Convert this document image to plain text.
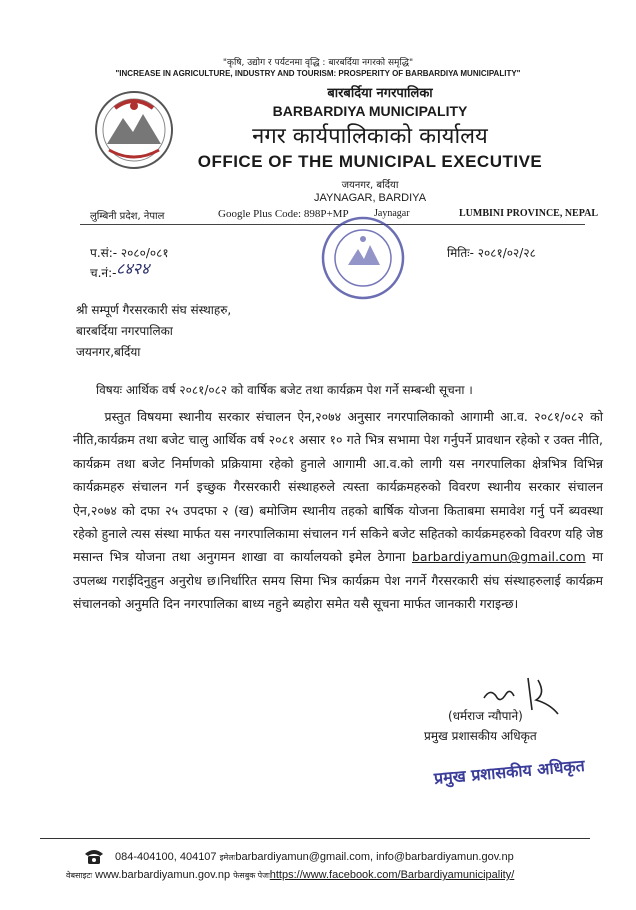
"कृषि, उद्योग र पर्यटनमा वृद्धि : बारबर्दिया नगरको समृद्धि"
"INCREASE IN AGRICULTURE, INDUSTRY AND TOURISM: PROSPERITY OF BARBARDIYA MUNICIPALITY"
बारबर्दिया नगरपालिका
BARBARDIYA MUNICIPALITY
नगर कार्यपालिकाको कार्यालय
OFFICE OF THE MUNICIPAL EXECUTIVE
जयनगर, बर्दिया
JAYNAGAR, BARDIYA
लुम्बिनी प्रदेश, नेपाल	Google Plus Code: 898P+MP	Jaynagar	LUMBINI PROVINCE, NEPAL
प.सं:- २०८०/०८१
च.नं:- ८४२४
मितिः- २०८१/०२/२८
श्री सम्पूर्ण गैरसरकारी संघ संस्थाहरु,
बारबर्दिया नगरपालिका
जयनगर,बर्दिया
विषयः आर्थिक वर्ष २०८१/०८२ को वार्षिक बजेट तथा कार्यक्रम पेश गर्ने सम्बन्धी सूचना ।
प्रस्तुत विषयमा स्थानीय सरकार संचालन ऐन,२०७४ अनुसार नगरपालिकाको आगामी आ.व. २०८१/०८२ को नीति,कार्यक्रम तथा बजेट चालु आर्थिक वर्ष २०८१ असार १० गते भित्र सभामा पेश गर्नुपर्ने प्रावधान रहेको र उक्त नीति, कार्यक्रम तथा बजेट निर्माणको प्रक्रियामा रहेको हुनाले आगामी आ.व.को लागी यस नगरपालिका क्षेत्रभित्र विभिन्न कार्यक्रमहरु संचालन गर्न इच्छुक गैरसरकारी संस्थाहरुले त्यस्ता कार्यक्रमहरुको विवरण स्थानीय सरकार संचालन ऐन,२०७४ को दफा २५ उपदफा २ (ख) बमोजिम स्थानीय तहको बार्षिक योजना किताबमा समावेश गर्नु पर्ने ब्यवस्था रहेको हुनाले त्यस संस्था मार्फत यस नगरपालिकामा संचालन गर्न सकिने बजेट सहितको कार्यक्रमहरुको विवरण यहि जेष्ठ मसान्त भित्र योजना तथा अनुगमन शाखा वा कार्यालयको इमेल ठेगाना barbardiyamun@gmail.com मा उपलब्ध गराईदिनुहुन अनुरोध छ।निर्धारित समय सिमा भित्र कार्यक्रम पेश नगर्ने गैरसरकारी संघ संस्थाहरुलाई कार्यक्रम संचालनको अनुमति दिन नगरपालिका बाध्य नहुने ब्यहोरा समेत यसै सूचना मार्फत जानकारी गराइन्छ।
(धर्मराज न्यौपाने)
प्रमुख प्रशासकीय अधिकृत
प्रमुख प्रशासकीय अधिकृत
084-404100, 404107 इमेलःbarbardiyamun@gmail.com, info@barbardiyamun.gov.np
वेबसाइटः www.barbardiyamun.gov.np फेसबुक पेजःhttps://www.facebook.com/Barbardiyamunicipality/
